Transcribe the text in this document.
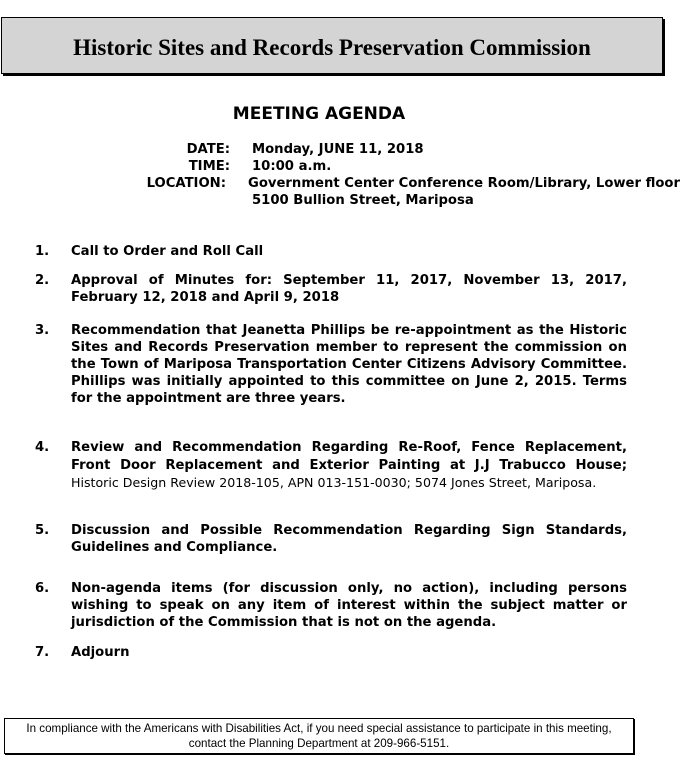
Historic Sites and Records Preservation Commission
MEETING AGENDA
DATE: Monday, JUNE 11, 2018
TIME: 10:00 a.m.
LOCATION: Government Center Conference Room/Library, Lower floor
5100 Bullion Street, Mariposa
1.	Call to Order and Roll Call
2.	Approval of Minutes for: September 11, 2017, November 13, 2017, February 12, 2018 and April 9, 2018
3.	Recommendation that Jeanetta Phillips be re-appointment as the Historic Sites and Records Preservation member to represent the commission on the Town of Mariposa Transportation Center Citizens Advisory Committee. Phillips was initially appointed to this committee on June 2, 2015. Terms for the appointment are three years.
4.	Review and Recommendation Regarding Re-Roof, Fence Replacement, Front Door Replacement and Exterior Painting at J.J Trabucco House; Historic Design Review 2018-105, APN 013-151-0030; 5074 Jones Street, Mariposa.
5.	Discussion and Possible Recommendation Regarding Sign Standards, Guidelines and Compliance.
6.	Non-agenda items (for discussion only, no action), including persons wishing to speak on any item of interest within the subject matter or jurisdiction of the Commission that is not on the agenda.
7.	Adjourn
In compliance with the Americans with Disabilities Act, if you need special assistance to participate in this meeting,
contact the Planning Department at 209-966-5151.
